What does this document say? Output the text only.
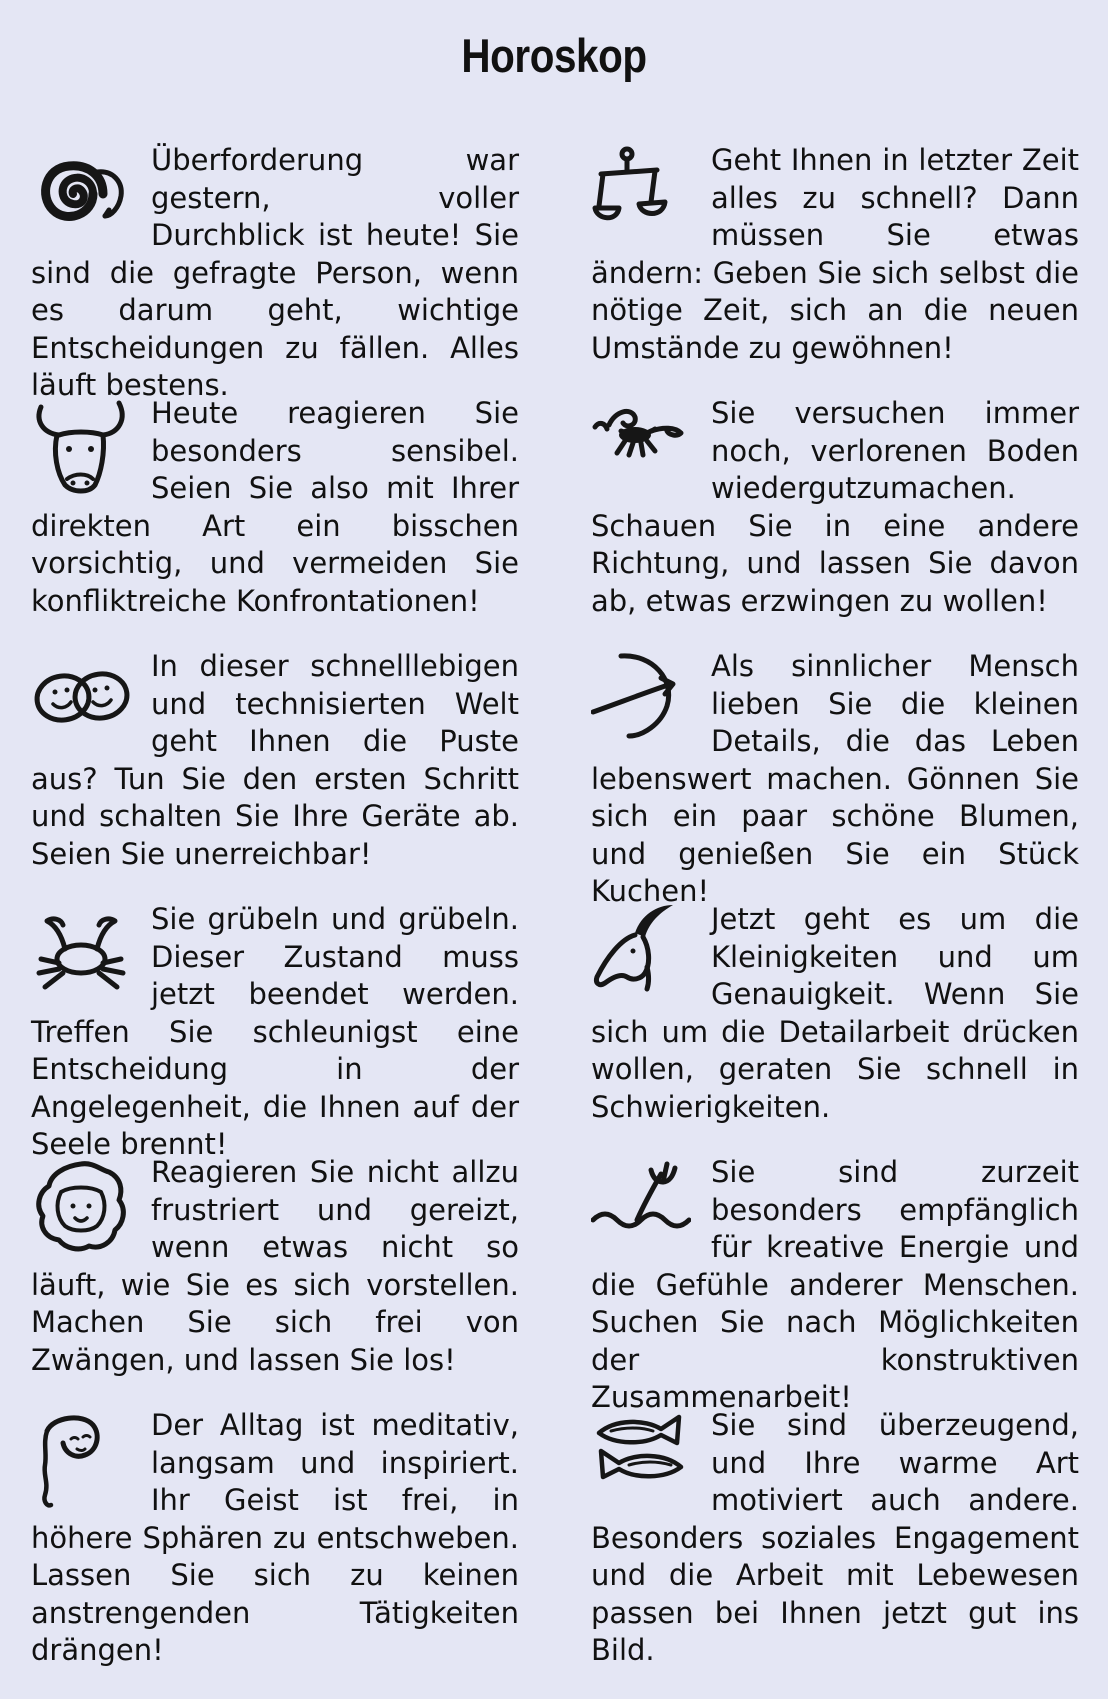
Horoskop

Überforderung war gestern, voller Durchblick ist heute! Sie sind die gefragte Person, wenn es darum geht, wichtige Entscheidungen zu fällen. Alles läuft bestens.

Heute reagieren Sie besonders sensibel. Seien Sie also mit Ihrer direkten Art ein bisschen vorsichtig, und vermeiden Sie konfliktreiche Konfrontationen!

In dieser schnelllebigen und technisierten Welt geht Ihnen die Puste aus? Tun Sie den ersten Schritt und schalten Sie Ihre Geräte ab. Seien Sie unerreichbar!

Sie grübeln und grübeln. Dieser Zustand muss jetzt beendet werden. Treffen Sie schleunigst eine Entscheidung in der Angelegenheit, die Ihnen auf der Seele brennt!

Reagieren Sie nicht allzu frustriert und gereizt, wenn etwas nicht so läuft, wie Sie es sich vorstellen. Machen Sie sich frei von Zwängen, und lassen Sie los!

Der Alltag ist meditativ, langsam und inspiriert. Ihr Geist ist frei, in höhere Sphären zu entschweben. Lassen Sie sich zu keinen anstrengenden Tätigkeiten drängen!

Geht Ihnen in letzter Zeit alles zu schnell? Dann müssen Sie etwas ändern: Geben Sie sich selbst die nötige Zeit, sich an die neuen Umstände zu gewöhnen!

Sie versuchen immer noch, verlorenen Boden wiedergutzumachen. Schauen Sie in eine andere Richtung, und lassen Sie davon ab, etwas erzwingen zu wollen!

Als sinnlicher Mensch lieben Sie die kleinen Details, die das Leben lebenswert machen. Gönnen Sie sich ein paar schöne Blumen, und genießen Sie ein Stück Kuchen!

Jetzt geht es um die Kleinigkeiten und um Genauigkeit. Wenn Sie sich um die Detailarbeit drücken wollen, geraten Sie schnell in Schwierigkeiten.

Sie sind zurzeit besonders empfänglich für kreative Energie und die Gefühle anderer Menschen. Suchen Sie nach Möglichkeiten der konstruktiven Zusammenarbeit!

Sie sind überzeugend, und Ihre warme Art motiviert auch andere. Besonders soziales Engagement und die Arbeit mit Lebewesen passen bei Ihnen jetzt gut ins Bild.
